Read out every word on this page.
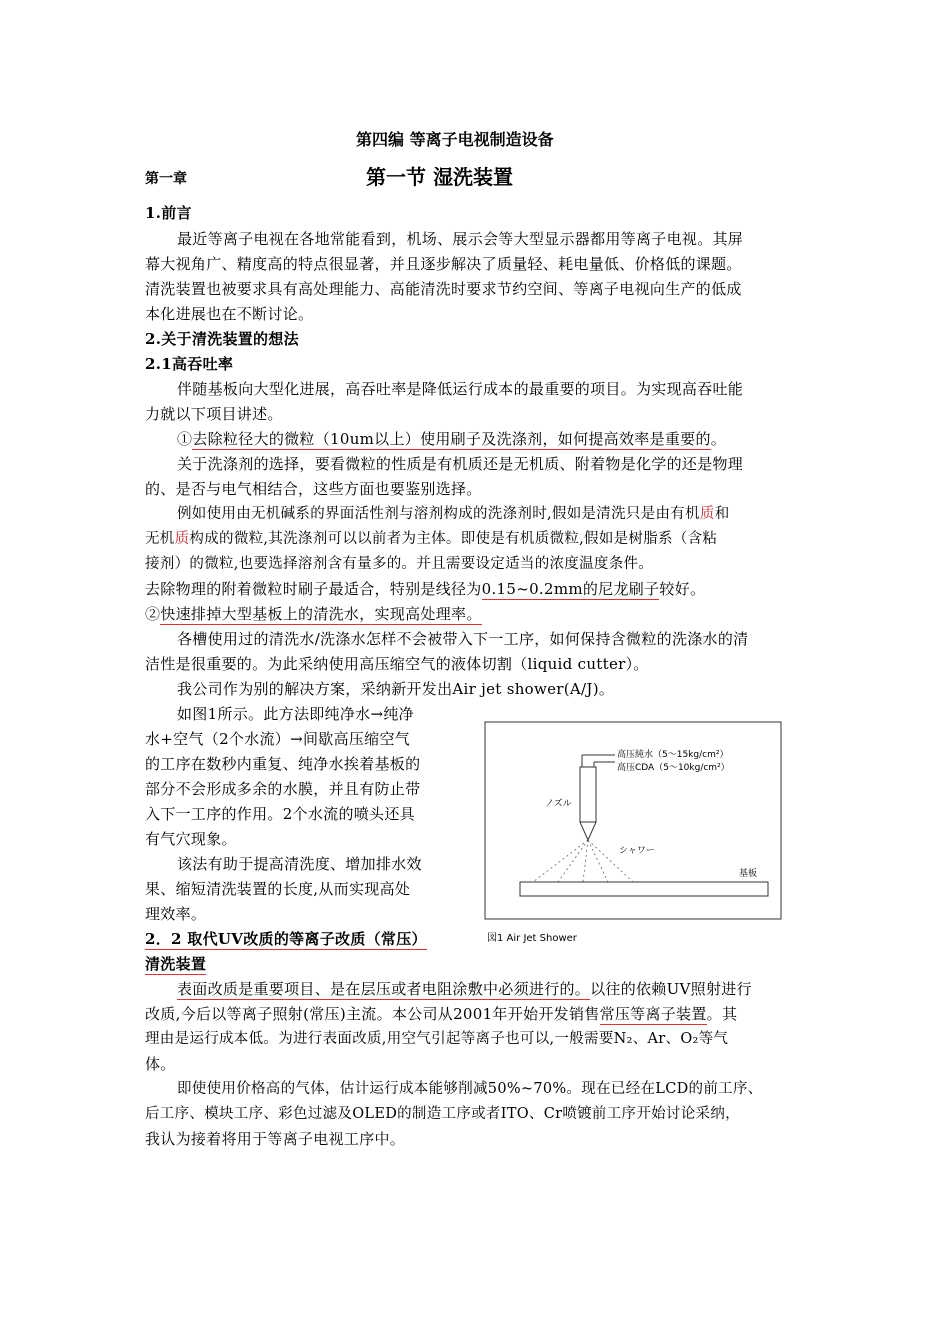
第四编 等离子电视制造设备
第一章	第一节 湿洗装置
1.前言
最近等离子电视在各地常能看到，机场、展示会等大型显示器都用等离子电视。其屏
幕大视角广、精度高的特点很显著，并且逐步解决了质量轻、耗电量低、价格低的课题。
清洗装置也被要求具有高处理能力、高能清洗时要求节约空间、等离子电视向生产的低成
本化进展也在不断讨论。
2.关于清洗装置的想法
2.1高吞吐率
伴随基板向大型化进展，高吞吐率是降低运行成本的最重要的项目。为实现高吞吐能
力就以下项目讲述。
①去除粒径大的微粒（10um以上）使用刷子及洗涤剂，如何提高效率是重要的。
关于洗涤剂的选择，要看微粒的性质是有机质还是无机质、附着物是化学的还是物理
的、是否与电气相结合，这些方面也要鉴别选择。
例如使用由无机碱系的界面活性剂与溶剂构成的洗涤剂时,假如是清洗只是由有机质和
无机质构成的微粒,其洗涤剂可以以前者为主体。即使是有机质微粒,假如是树脂系（含粘
接剂）的微粒,也要选择溶剂含有量多的。并且需要设定适当的浓度温度条件。
去除物理的附着微粒时刷子最适合，特别是线径为0.15~0.2mm的尼龙刷子较好。
②快速排掉大型基板上的清洗水，实现高处理率。
各槽使用过的清洗水/洗涤水怎样不会被带入下一工序，如何保持含微粒的洗涤水的清
洁性是很重要的。为此采纳使用高压缩空气的液体切割（liquid cutter）。
我公司作为别的解决方案，采纳新开发出Air jet shower(A/J)。
如图1所示。此方法即纯净水→纯净
水+空气（2个水流）→间歇高压缩空气
的工序在数秒内重复、纯净水挨着基板的
部分不会形成多余的水膜，并且有防止带
入下一工序的作用。2个水流的喷头还具
有气穴现象。
该法有助于提高清洗度、增加排水效
果、缩短清洗装置的长度,从而实现高处
理效率。
2．2 取代UV改质的等离子改质（常压）
清洗装置
高压純水（5～15kg/cm²）
高压CDA（5～10kg/cm²）
ノズル
シャワー
基板
図1 Air Jet Shower
表面改质是重要项目、是在层压或者电阻涂敷中必须进行的。以往的依赖UV照射进行
改质,今后以等离子照射(常压)主流。本公司从2001年开始开发销售常压等离子装置。其
理由是运行成本低。为进行表面改质,用空气引起等离子也可以,一般需要N₂、Ar、O₂等气
体。
即使使用价格高的气体，估计运行成本能够削减50%~70%。现在已经在LCD的前工序、
后工序、模块工序、彩色过滤及OLED的制造工序或者ITO、Cr喷镀前工序开始讨论采纳，
我认为接着将用于等离子电视工序中。
